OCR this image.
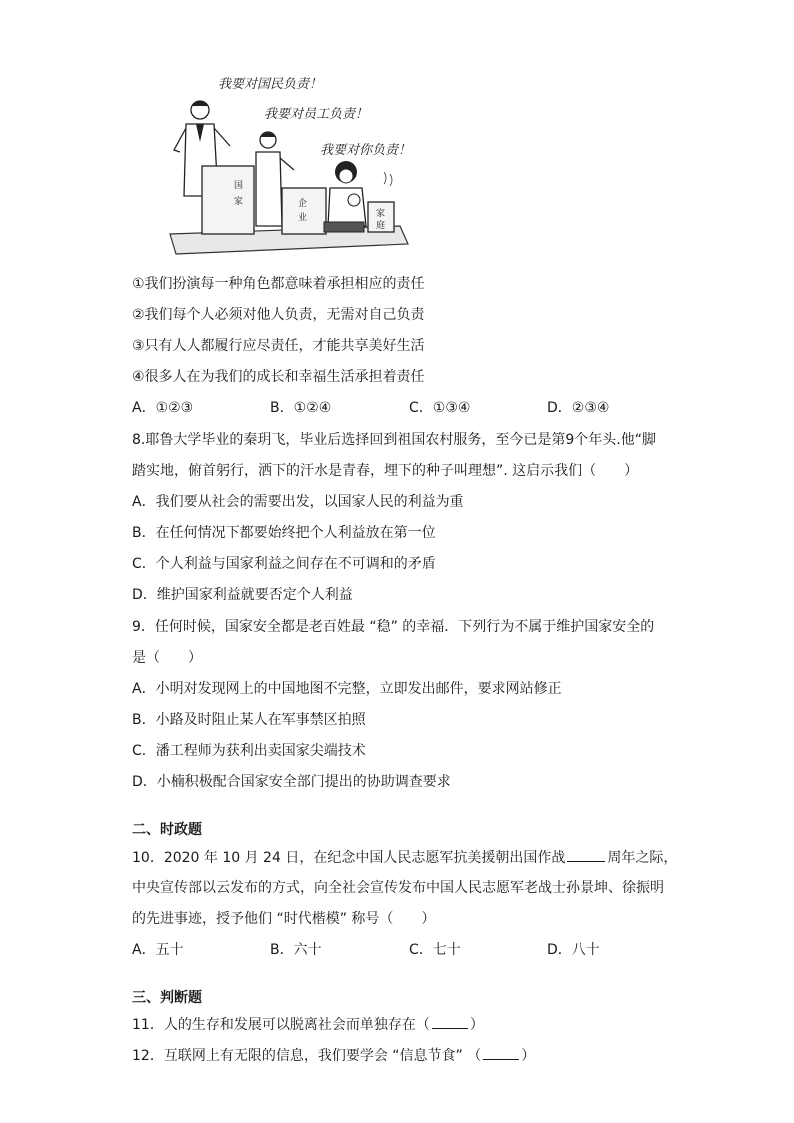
我要对国民负责！
我要对员工负责！
我要对你负责！
国
家	企
业	家
庭
①我们扮演每一种角色都意味着承担相应的责任
②我们每个人必须对他人负责，无需对自己负责
③只有人人都履行应尽责任，才能共享美好生活
④很多人在为我们的成长和幸福生活承担着责任
A．①②③	B．①②④	C．①③④	D．②③④
8.耶鲁大学毕业的秦玥飞，毕业后选择回到祖国农村服务，至今已是第9个年头.他“脚
踏实地，俯首躬行，洒下的汗水是青春，埋下的种子叫理想”. 这启示我们（　　）
A．我们要从社会的需要出发，以国家人民的利益为重
B．在任何情况下都要始终把个人利益放在第一位
C．个人利益与国家利益之间存在不可调和的矛盾
D．维护国家利益就要否定个人利益
9．任何时候，国家安全都是老百姓最 “稳” 的幸福．下列行为不属于维护国家安全的
是（　　）
A．小明对发现网上的中国地图不完整，立即发出邮件，要求网站修正
B．小路及时阻止某人在军事禁区拍照
C．潘工程师为获利出卖国家尖端技术
D．小楠积极配合国家安全部门提出的协助调查要求
二、时政题
10．2020 年 10 月 24 日，在纪念中国人民志愿军抗美援朝出国作战	周年之际，
中央宣传部以云发布的方式，向全社会宣传发布中国人民志愿军老战士孙景坤、徐振明
的先进事迹，授予他们 “时代楷模” 称号（　　）
A．五十	B．六十	C．七十	D．八十
三、判断题
11．人的生存和发展可以脱离社会而单独存在（	）
12．互联网上有无限的信息，我们要学会 “信息节食” （	）
